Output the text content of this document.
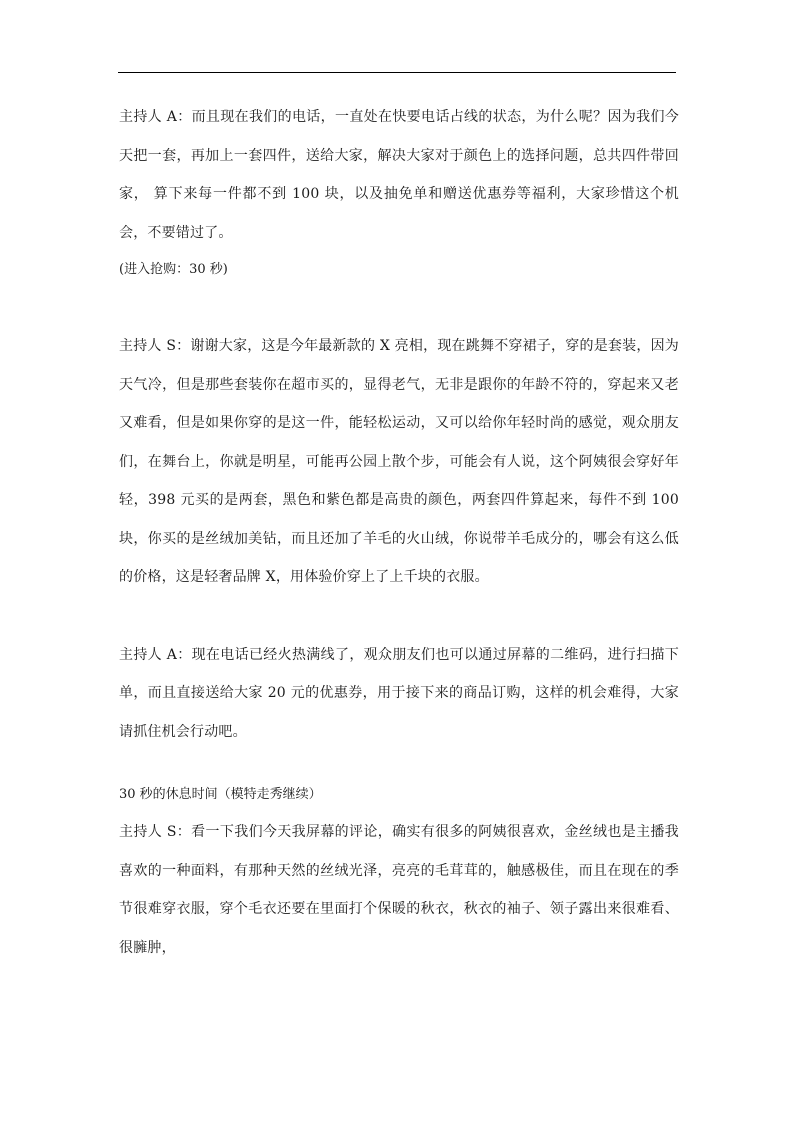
主持人 A：而且现在我们的电话，一直处在快要电话占线的状态，为什么呢？因为我们今天把一套，再加上一套四件，送给大家，解决大家对于颜色上的选择问题，总共四件带回家， 算下来每一件都不到 100 块，以及抽免单和赠送优惠券等福利，大家珍惜这个机会，不要错过了。

(进入抢购：30 秒)

主持人 S：谢谢大家，这是今年最新款的 X 亮相，现在跳舞不穿裙子，穿的是套装，因为天气冷，但是那些套装你在超市买的，显得老气，无非是跟你的年龄不符的，穿起来又老又难看，但是如果你穿的是这一件，能轻松运动，又可以给你年轻时尚的感觉，观众朋友们，在舞台上，你就是明星，可能再公园上散个步，可能会有人说，这个阿姨很会穿好年轻，398 元买的是两套，黑色和紫色都是高贵的颜色，两套四件算起来，每件不到 100 块，你买的是丝绒加美钻，而且还加了羊毛的火山绒，你说带羊毛成分的，哪会有这么低的价格，这是轻奢品牌 X，用体验价穿上了上千块的衣服。

主持人 A：现在电话已经火热满线了，观众朋友们也可以通过屏幕的二维码，进行扫描下单，而且直接送给大家 20 元的优惠券，用于接下来的商品订购，这样的机会难得，大家请抓住机会行动吧。

30 秒的休息时间（模特走秀继续）

主持人 S：看一下我们今天我屏幕的评论，确实有很多的阿姨很喜欢，金丝绒也是主播我喜欢的一种面料，有那种天然的丝绒光泽，亮亮的毛茸茸的，触感极佳，而且在现在的季节很难穿衣服，穿个毛衣还要在里面打个保暖的秋衣，秋衣的袖子、领子露出来很难看、很臃肿，
